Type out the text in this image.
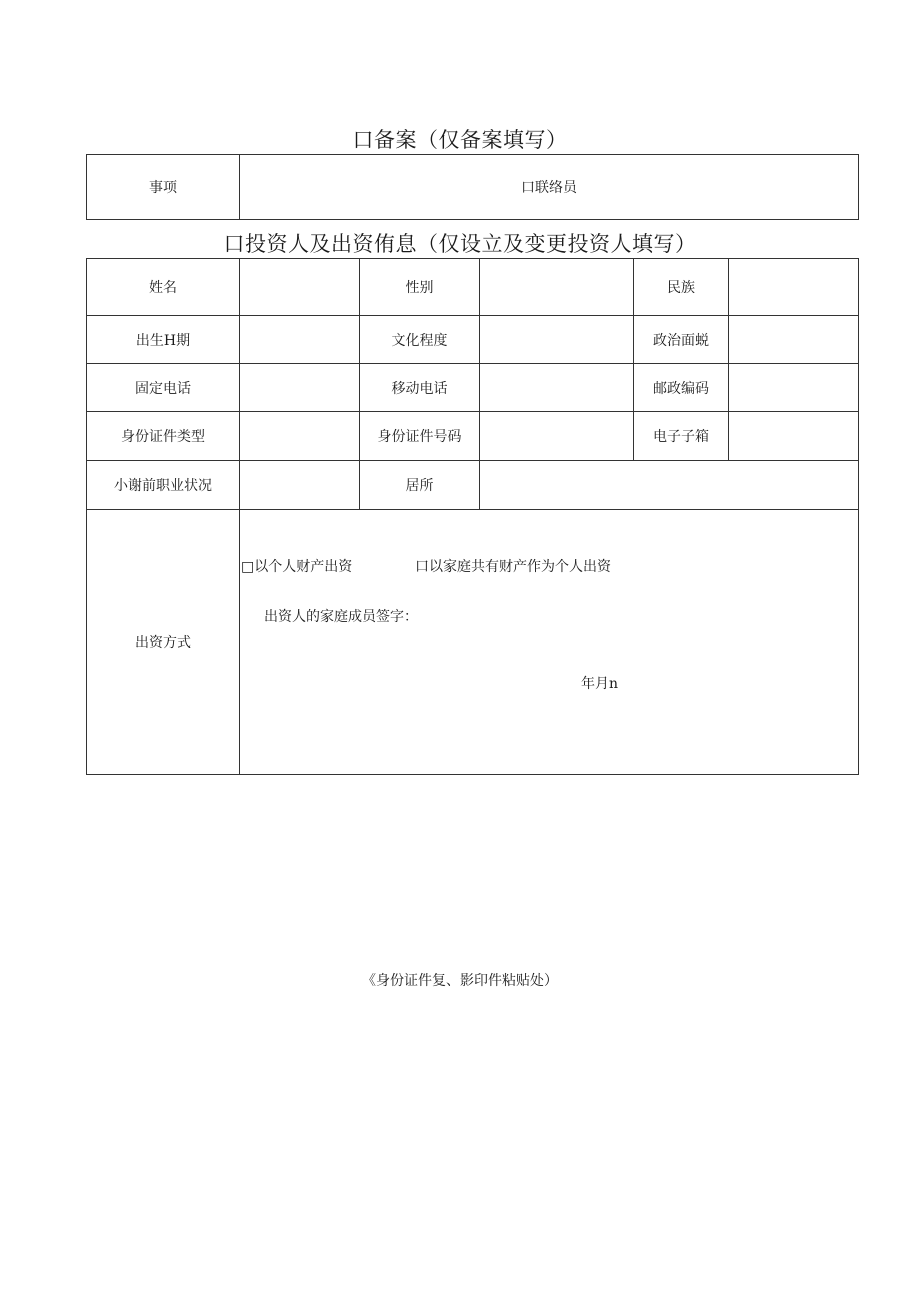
口备案（仅备案填写）
事项	口联络员
口投资人及出资侑息（仅设立及变更投资人填写）
姓名		性别		民族	
出生H期		文化程度		政治面蜕	
固定电话		移动电话		邮政编码	
身份证件类型		身份证件号码		电子子箱	
小谢前职业状况		居所			
出资方式	□以个人财产出资 口以家庭共有财产作为个人出资
出资人的家庭成员签字：
年月n				
《身份证件复、影印件粘贴处）
